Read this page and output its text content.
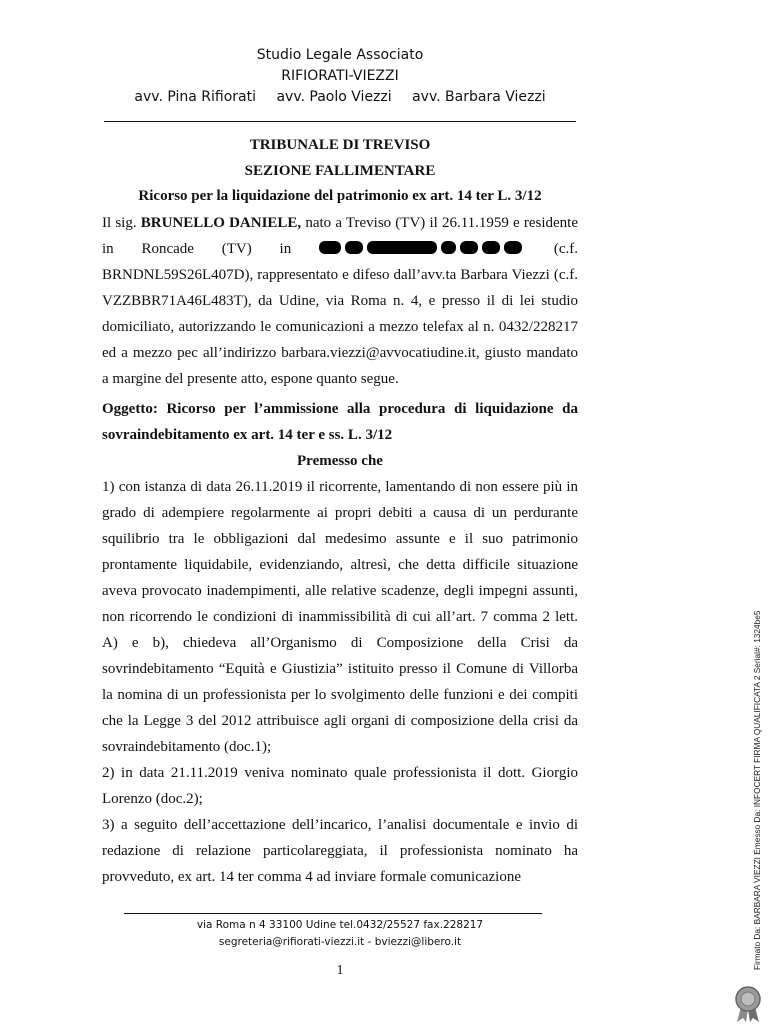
Studio Legale Associato
RIFIORATI-VIEZZI
avv. Pina Rifiorati avv. Paolo Viezzi avv. Barbara Viezzi
TRIBUNALE DI TREVISO
SEZIONE FALLIMENTARE
Ricorso per la liquidazione del patrimonio ex art. 14 ter L. 3/12

Il sig. BRUNELLO DANIELE, nato a Treviso (TV) il 26.11.1959 e residente in Roncade (TV) in	(c.f. BRNDNL59S26L407D), rappresentato e difeso dall’avv.ta Barbara Viezzi (c.f. VZZBBR71A46L483T), da Udine, via Roma n. 4, e presso il di lei studio domiciliato, autorizzando le comunicazioni a mezzo telefax al n. 0432/228217 ed a mezzo pec all’indirizzo barbara.viezzi@avvocatiudine.it, giusto mandato a margine del presente atto, espone quanto segue.

Oggetto: Ricorso per l’ammissione alla procedura di liquidazione da sovraindebitamento ex art. 14 ter e ss. L. 3/12

Premesso che

1) con istanza di data 26.11.2019 il ricorrente, lamentando di non essere più in grado di adempiere regolarmente ai propri debiti a causa di un perdurante squilibrio tra le obbligazioni dal medesimo assunte e il suo patrimonio prontamente liquidabile, evidenziando, altresì, che detta difficile situazione aveva provocato inadempimenti, alle relative scadenze, degli impegni assunti, non ricorrendo le condizioni di inammissibilità di cui all’art. 7 comma 2 lett. A) e b), chiedeva all’Organismo di Composizione della Crisi da sovrindebitamento “Equità e Giustizia” istituito presso il Comune di Villorba la nomina di un professionista per lo svolgimento delle funzioni e dei compiti che la Legge 3 del 2012 attribuisce agli organi di composizione della crisi da sovraindebitamento (doc.1);

2) in data 21.11.2019 veniva nominato quale professionista il dott. Giorgio Lorenzo (doc.2);

3) a seguito dell’accettazione dell’incarico, l’analisi documentale e invio di redazione di relazione particolareggiata, il professionista nominato ha provveduto, ex art. 14 ter comma 4 ad inviare formale comunicazione

via Roma n 4 33100 Udine tel.0432/25527 fax.228217
segreteria@rifiorati-viezzi.it - bviezzi@libero.it
1
Firmato Da: BARBARA VIEZZI Emesso Da: INFOCERT FIRMA QUALIFICATA 2 Serial#: 1324be5
